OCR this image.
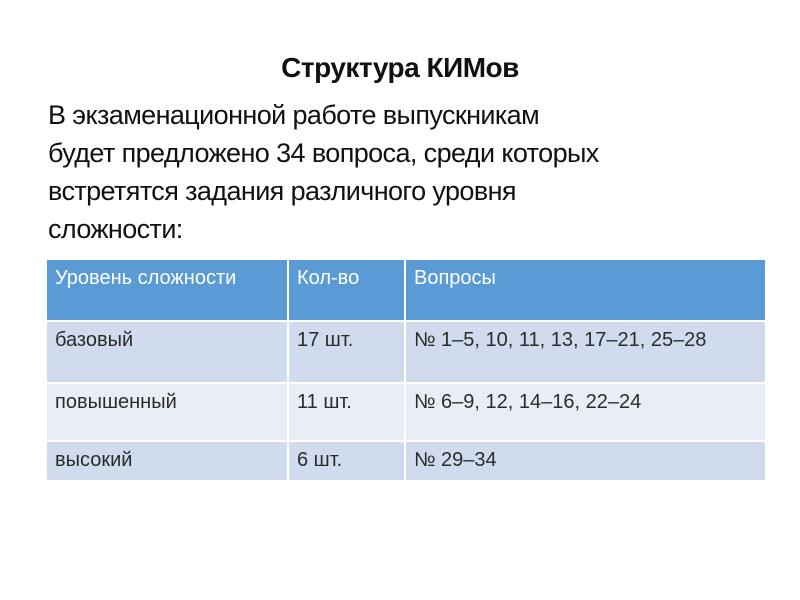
Структура КИМов
В экзаменационной работе выпускникам
будет предложено 34 вопроса, среди которых
встретятся задания различного уровня
сложности:
Уровень сложности	Кол-во	Вопросы
базовый	17 шт.	№ 1–5, 10, 11, 13, 17–21, 25–28
повышенный	11 шт.	№ 6–9, 12, 14–16, 22–24
высокий	6 шт.	№ 29–34
